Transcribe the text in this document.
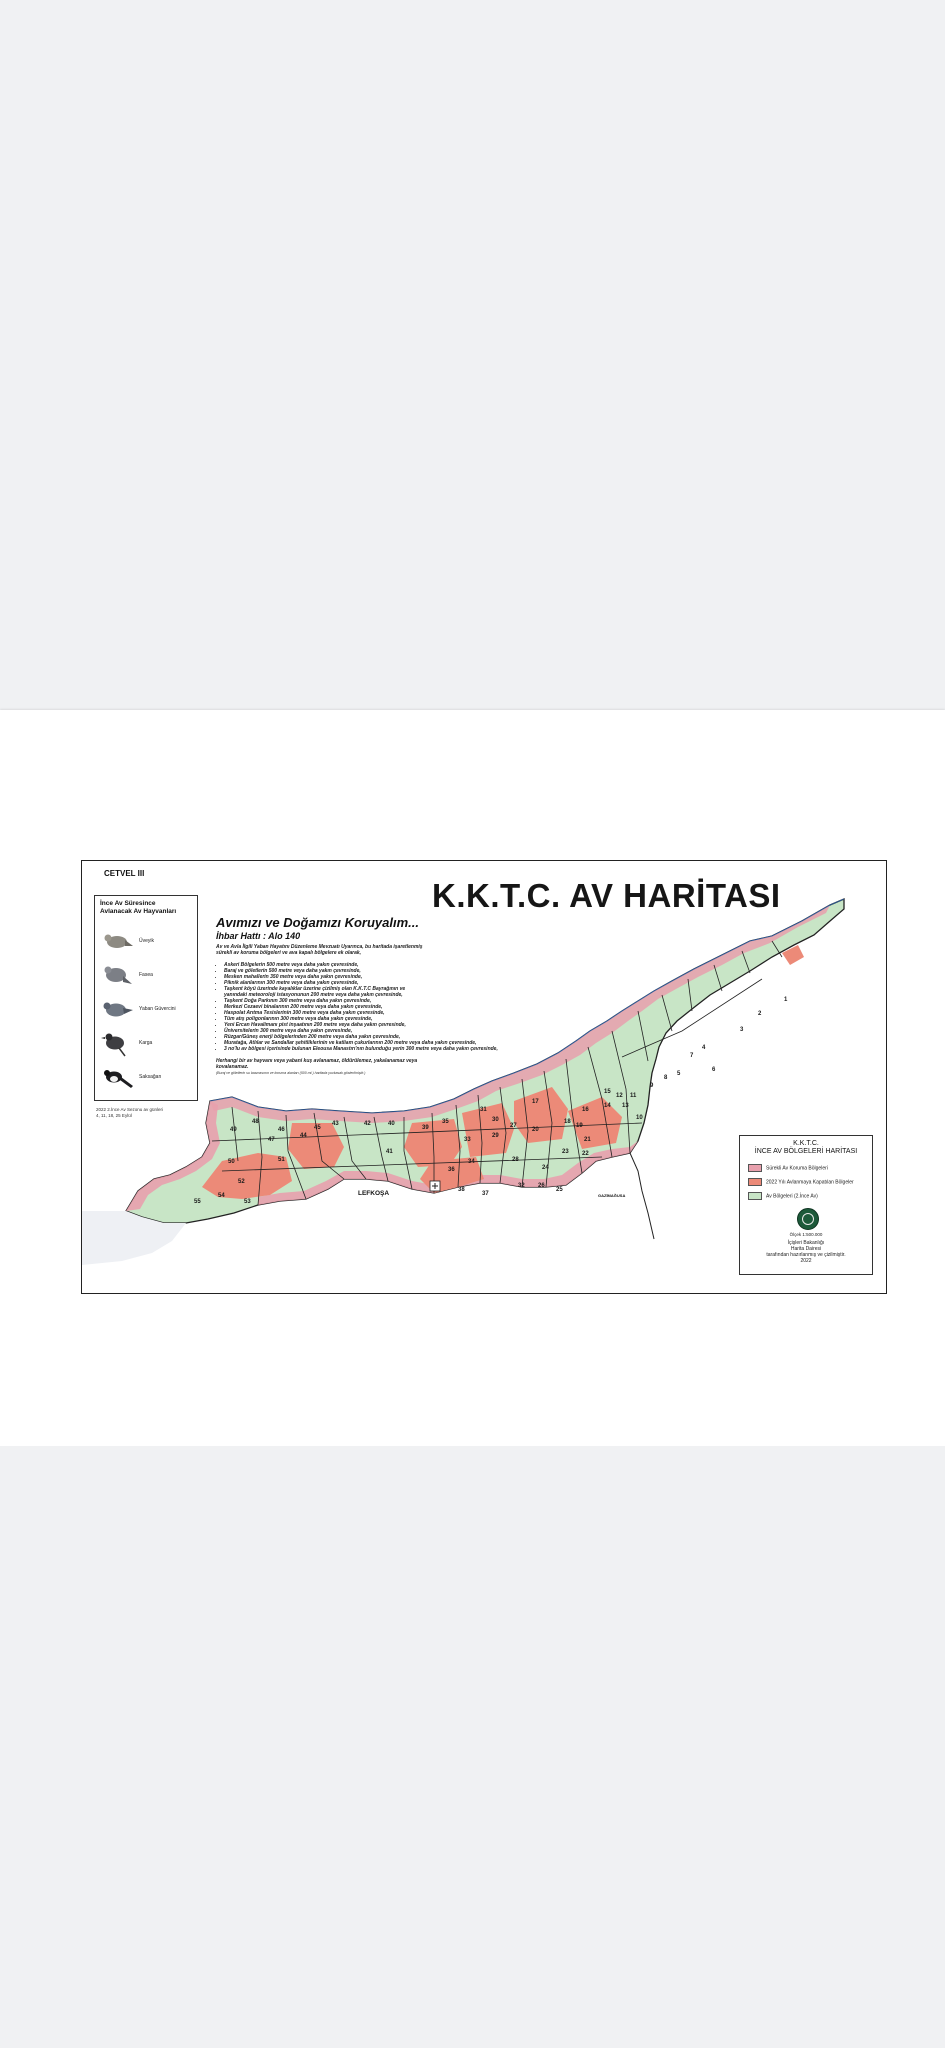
1
2
3
4
5
6
7
8
9
10
11
12
13
14
15
16
17
18
19
20
21
22
23
24
25
26
27
28
29
30
31
32
33
34
35
36
37
38
39
40
41
42
43
44
45
46
47
48
49
50	51
52
53
54
55
LEFKOŞA	GAZİMAĞUSA
CETVEL III
K.K.T.C. AV HARİTASI
İnce Av Süresince
Avlanacak Av Hayvanları
Üveyik
Fasea
Yaban Güvercini
Karga
Saksağan
2022 2.İnce Av Sezonu av günleri
4, 11, 18, 25 Eylül
Avımızı ve Doğamızı Koruyalım...
İhbar Hattı : Alo 140
Av ve Avla İlgili Yaban Hayatını Düzenleme Mevzuatı Uyarınca, bu haritada işaretlenmiş
sürekli av koruma bölgeleri ve ava kapalı bölgelere ek olarak,
• Askeri Bölgelerin 500 metre veya daha yakın çevresinde,
• Baraj ve göletlerin 500 metre veya daha yakın çevresinde,
• Mesken mahallerin 350 metre veya daha yakın çevresinde,
• Piknik alanlarının 300 metre veya daha yakın çevresinde,
• Taşkent köyü üzerinde kayalıklar üzerine çizilmiş olan K.K.T.C Bayrağının ve
yanındaki meteoroloji istasyonunun 200 metre veya daha yakın çevresinde,
• Taşkent Doğa Parkının 300 metre veya daha yakın çevresinde,
• Merkezi Cezaevi binalarının 200 metre veya daha yakın çevresinde,
• Haspolat Arıtma Tesislerinin 300 metre veya daha yakın çevresinde,
• Tüm atış poligonlarının 300 metre veya daha yakın çevresinde,
• Yeni Ercan Havalimanı pist inşaatının 200 metre veya daha yakın çevresinde,
• Üniversitelerin 300 metre veya daha yakın çevresinde,
• Rüzgar/Güneş enerji bölgelerinden 200 metre veya daha yakın çevresinde,
• Muratağa, Atlılar ve Sandallar şehitliklerinin ve katliam çukurlarının 200 metre veya daha yakın çevresinde,
• 3 no'lu av bölgesi içerisinde bulunan Eleousa Manastırı'nın bulunduğu yerin 300 metre veya daha yakın çevresinde,
Herhangi bir av hayvanı veya yabani kuş avlanamaz, öldürülemez, yakalanamaz veya
kovalanamaz.
(Buraj ve göletlerin su basmasının ve koruma alanları (500 mt.) haritada yuvkasak gösterilmiştir.)
K.K.T.C.
İNCE AV BÖLGELERİ HARİTASI
Sürekli Av Koruma Bölgeleri
2022 Yılı Avlanmaya Kapatılan Bölgeler
Av Bölgeleri (2.İnce Av)
Ölçek 1:500.000
İçişleri Bakanlığı
Harita Dairesi
tarafından hazırlanmış ve çizilmiştir.
2022
